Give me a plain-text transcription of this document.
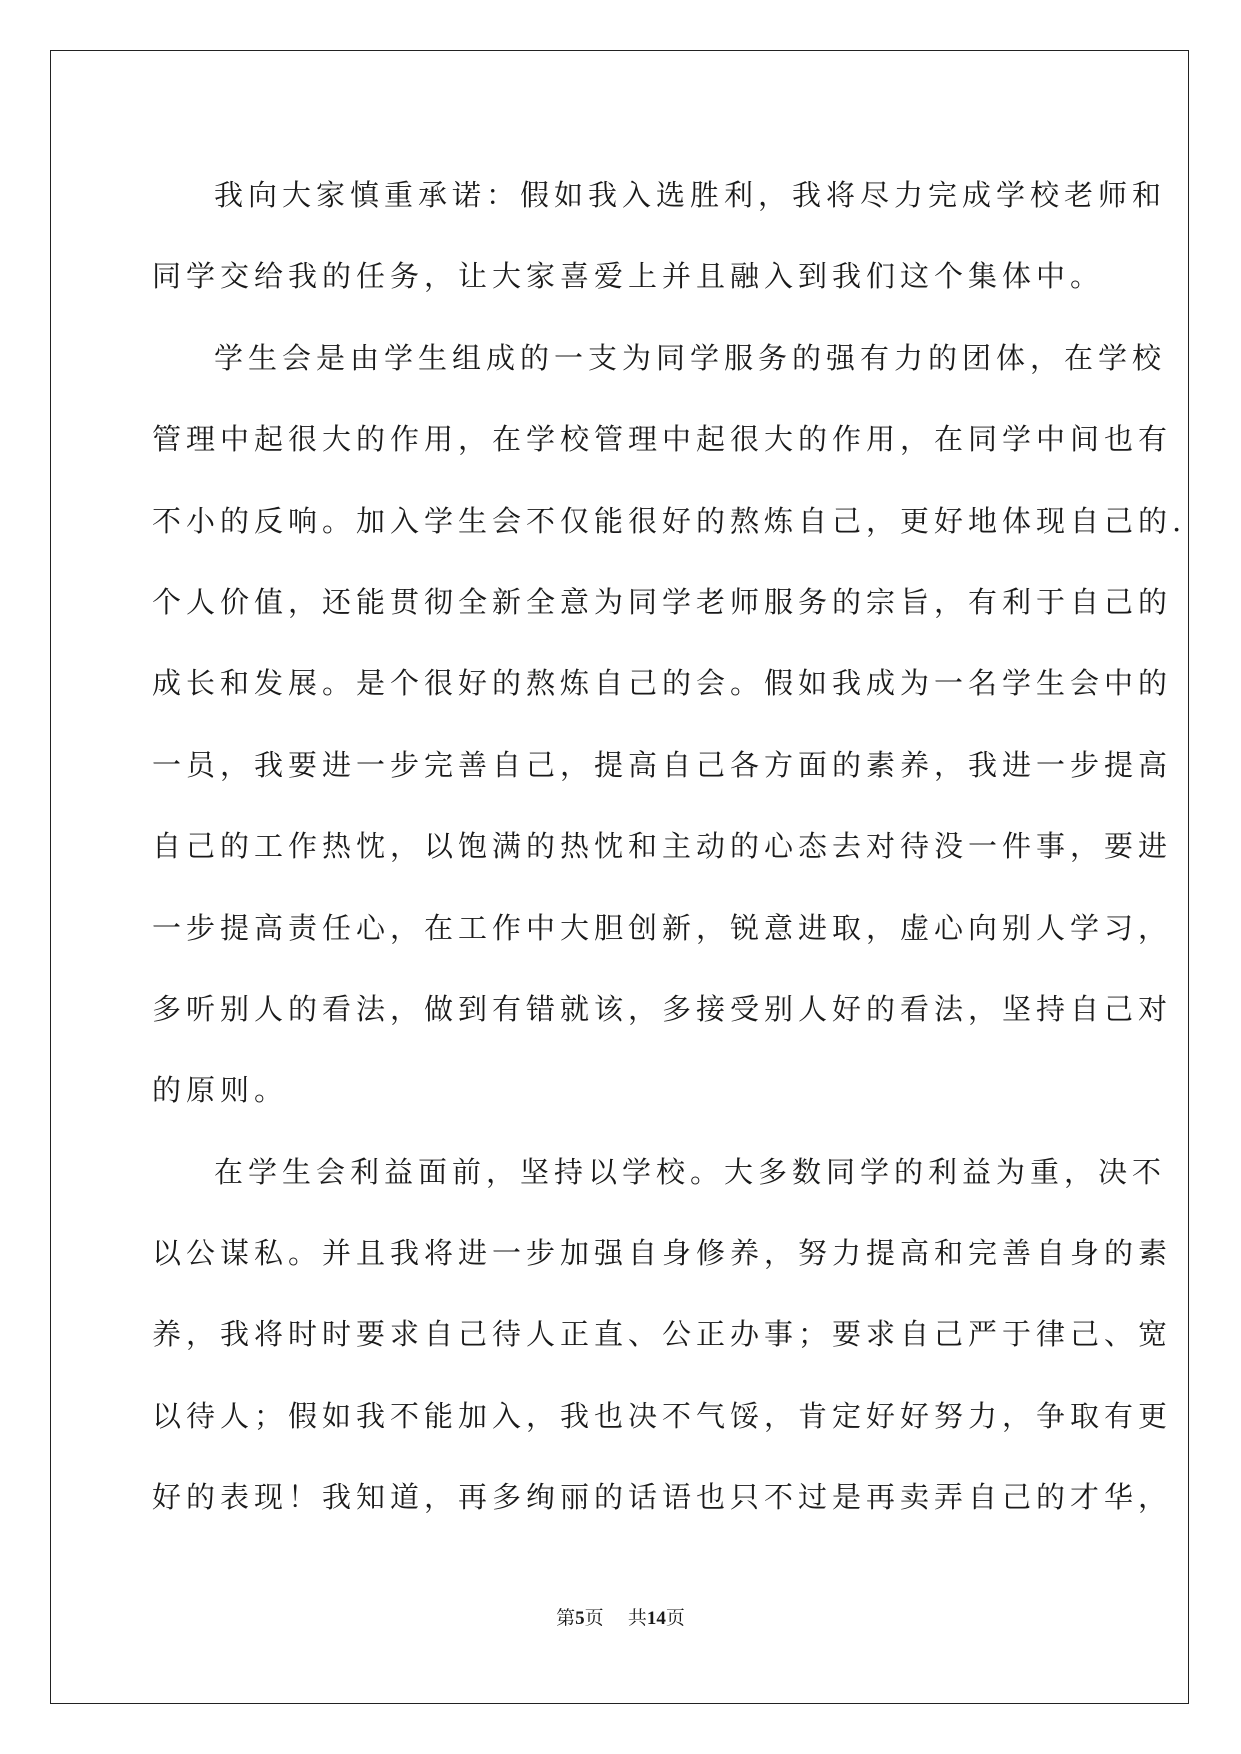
我向大家慎重承诺：假如我入选胜利，我将尽力完成学校老师和
同学交给我的任务，让大家喜爱上并且融入到我们这个集体中。
学生会是由学生组成的一支为同学服务的强有力的团体，在学校
管理中起很大的作用，在学校管理中起很大的作用，在同学中间也有
不小的反响。加入学生会不仅能很好的熬炼自己，更好地体现自己的.
个人价值，还能贯彻全新全意为同学老师服务的宗旨，有利于自己的
成长和发展。是个很好的熬炼自己的会。假如我成为一名学生会中的
一员，我要进一步完善自己，提高自己各方面的素养，我进一步提高
自己的工作热忱，以饱满的热忱和主动的心态去对待没一件事，要进
一步提高责任心，在工作中大胆创新，锐意进取，虚心向别人学习，
多听别人的看法，做到有错就该，多接受别人好的看法，坚持自己对
的原则。
在学生会利益面前，坚持以学校。大多数同学的利益为重，决不
以公谋私。并且我将进一步加强自身修养，努力提高和完善自身的素
养，我将时时要求自己待人正直、公正办事；要求自己严于律己、宽
以待人；假如我不能加入，我也决不气馁，肯定好好努力，争取有更
好的表现！我知道，再多绚丽的话语也只不过是再卖弄自己的才华，
第5页 共14页
